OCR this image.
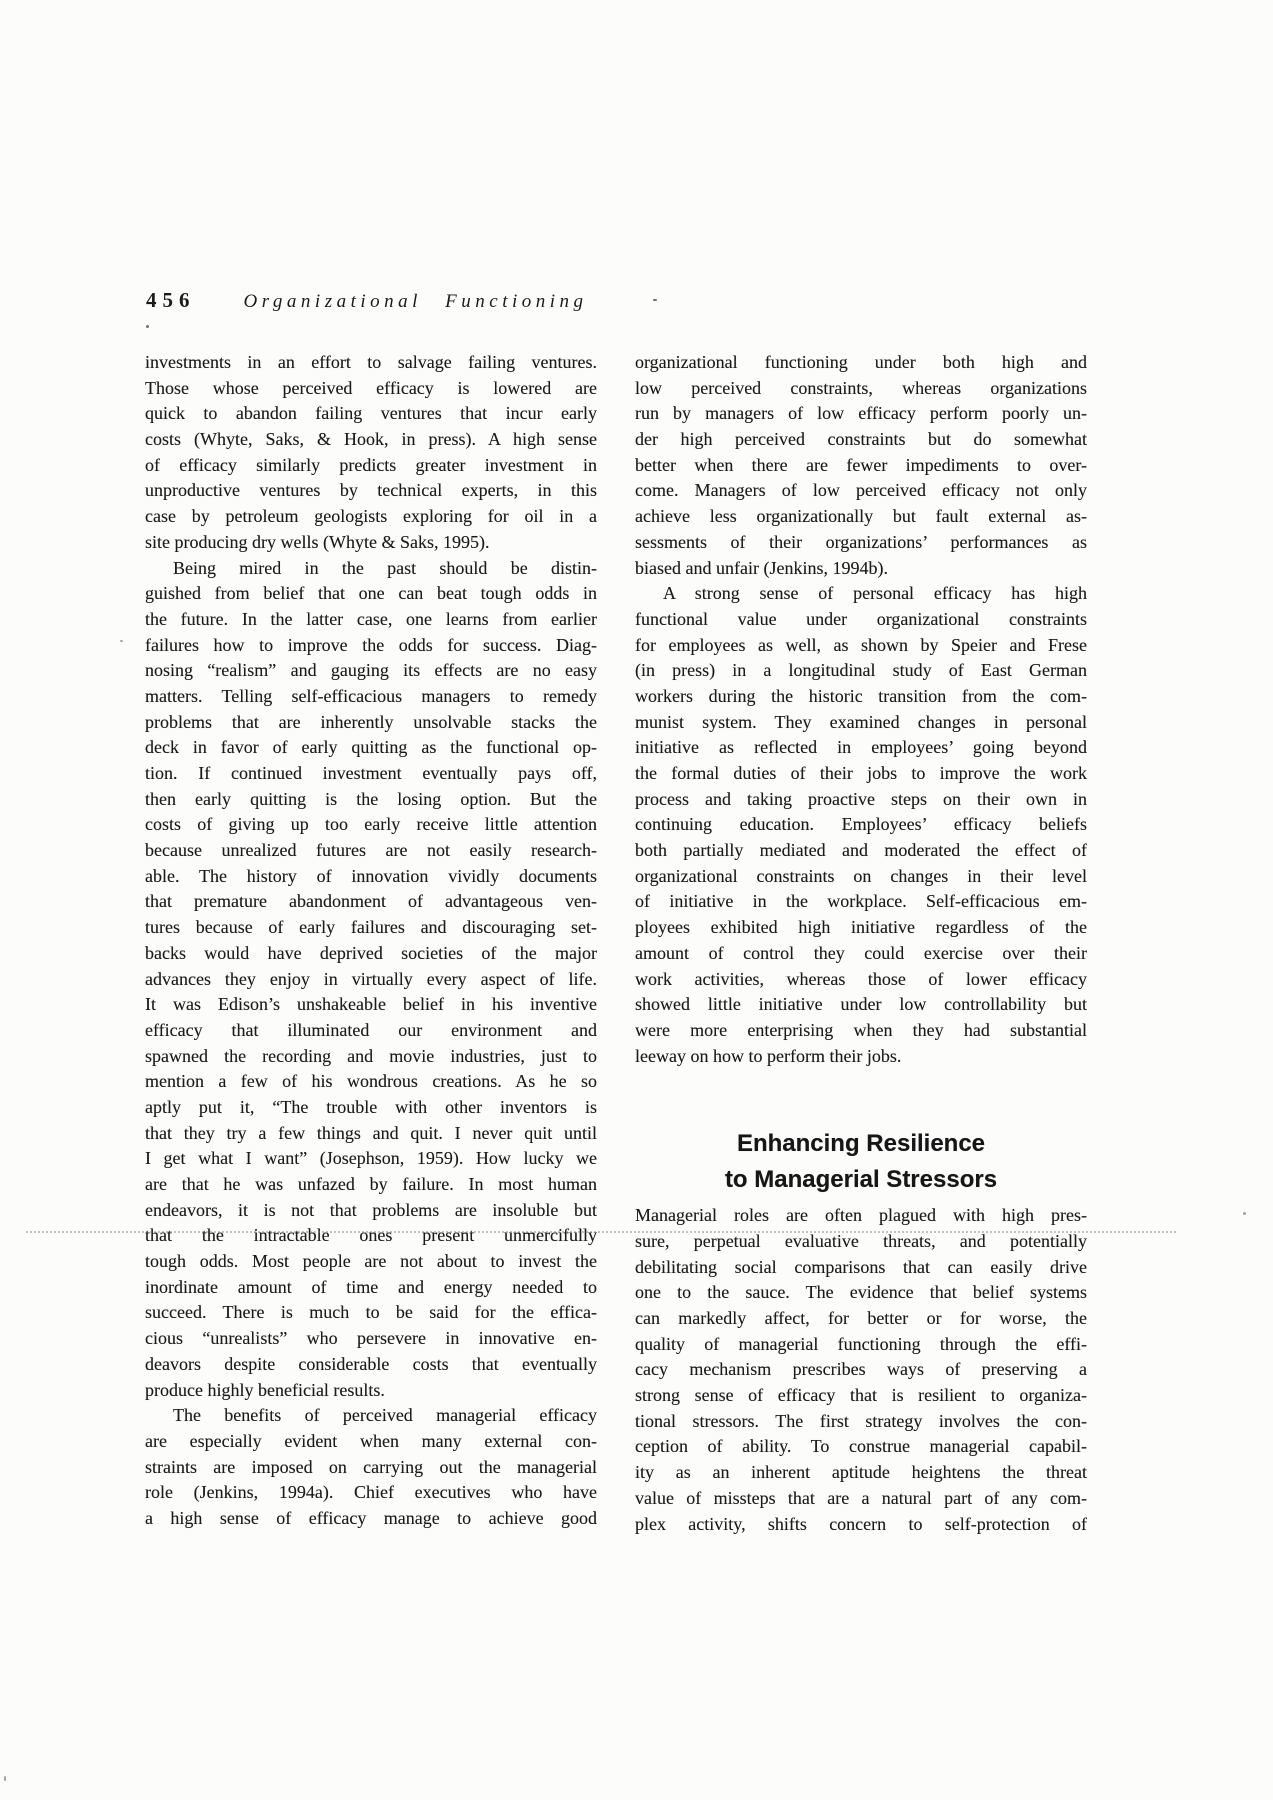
456	Organizational Functioning
investments in an effort to salvage failing ventures.
Those whose perceived efficacy is lowered are
quick to abandon failing ventures that incur early
costs (Whyte, Saks, & Hook, in press). A high sense
of efficacy similarly predicts greater investment in
unproductive ventures by technical experts, in this
case by petroleum geologists exploring for oil in a
site producing dry wells (Whyte & Saks, 1995).
Being mired in the past should be distin-
guished from belief that one can beat tough odds in
the future. In the latter case, one learns from earlier
failures how to improve the odds for success. Diag-
nosing “realism” and gauging its effects are no easy
matters. Telling self-efficacious managers to remedy
problems that are inherently unsolvable stacks the
deck in favor of early quitting as the functional op-
tion. If continued investment eventually pays off,
then early quitting is the losing option. But the
costs of giving up too early receive little attention
because unrealized futures are not easily research-
able. The history of innovation vividly documents
that premature abandonment of advantageous ven-
tures because of early failures and discouraging set-
backs would have deprived societies of the major
advances they enjoy in virtually every aspect of life.
It was Edison’s unshakeable belief in his inventive
efficacy that illuminated our environment and
spawned the recording and movie industries, just to
mention a few of his wondrous creations. As he so
aptly put it, “The trouble with other inventors is
that they try a few things and quit. I never quit until
I get what I want” (Josephson, 1959). How lucky we
are that he was unfazed by failure. In most human
endeavors, it is not that problems are insoluble but
that the intractable ones present unmercifully
tough odds. Most people are not about to invest the
inordinate amount of time and energy needed to
succeed. There is much to be said for the effica-
cious “unrealists” who persevere in innovative en-
deavors despite considerable costs that eventually
produce highly beneficial results.
The benefits of perceived managerial efficacy
are especially evident when many external con-
straints are imposed on carrying out the managerial
role (Jenkins, 1994a). Chief executives who have
a high sense of efficacy manage to achieve good
organizational functioning under both high and
low perceived constraints, whereas organizations
run by managers of low efficacy perform poorly un-
der high perceived constraints but do somewhat
better when there are fewer impediments to over-
come. Managers of low perceived efficacy not only
achieve less organizationally but fault external as-
sessments of their organizations’ performances as
biased and unfair (Jenkins, 1994b).
A strong sense of personal efficacy has high
functional value under organizational constraints
for employees as well, as shown by Speier and Frese
(in press) in a longitudinal study of East German
workers during the historic transition from the com-
munist system. They examined changes in personal
initiative as reflected in employees’ going beyond
the formal duties of their jobs to improve the work
process and taking proactive steps on their own in
continuing education. Employees’ efficacy beliefs
both partially mediated and moderated the effect of
organizational constraints on changes in their level
of initiative in the workplace. Self-efficacious em-
ployees exhibited high initiative regardless of the
amount of control they could exercise over their
work activities, whereas those of lower efficacy
showed little initiative under low controllability but
were more enterprising when they had substantial
leeway on how to perform their jobs.
Enhancing Resilience
to Managerial Stressors
Managerial roles are often plagued with high pres-
sure, perpetual evaluative threats, and potentially
debilitating social comparisons that can easily drive
one to the sauce. The evidence that belief systems
can markedly affect, for better or for worse, the
quality of managerial functioning through the effi-
cacy mechanism prescribes ways of preserving a
strong sense of efficacy that is resilient to organiza-
tional stressors. The first strategy involves the con-
ception of ability. To construe managerial capabil-
ity as an inherent aptitude heightens the threat
value of missteps that are a natural part of any com-
plex activity, shifts concern to self-protection of
